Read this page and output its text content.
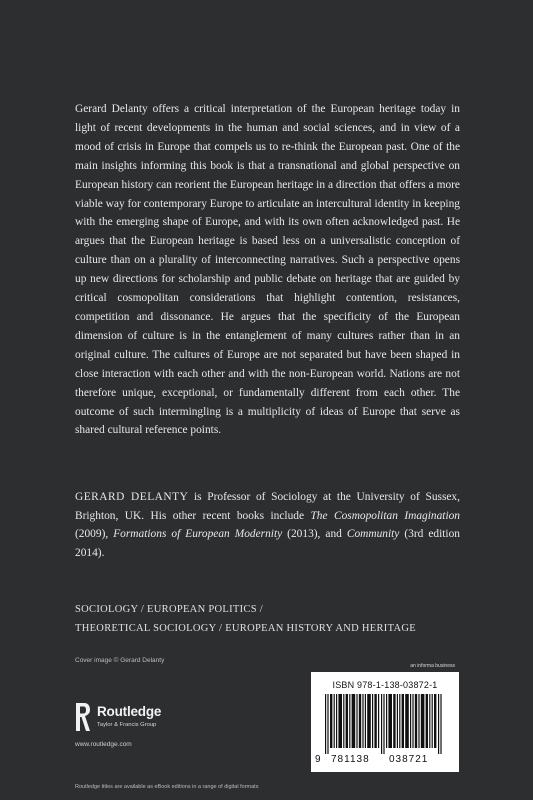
Gerard Delanty offers a critical interpretation of the European heritage today in light of recent developments in the human and social sciences, and in view of a mood of crisis in Europe that compels us to re-think the European past. One of the main insights informing this book is that a transnational and global perspective on European history can reorient the European heritage in a direction that offers a more viable way for contemporary Europe to articulate an intercultural identity in keeping with the emerging shape of Europe, and with its own often acknowledged past. He argues that the European heritage is based less on a universalistic conception of culture than on a plurality of interconnecting narratives. Such a perspective opens up new directions for scholarship and public debate on heritage that are guided by critical cosmopolitan considerations that highlight contention, resistances, competition and dissonance. He argues that the specificity of the European dimension of culture is in the entanglement of many cultures rather than in an original culture. The cultures of Europe are not separated but have been shaped in close interaction with each other and with the non-European world. Nations are not therefore unique, exceptional, or fundamentally different from each other. The outcome of such intermingling is a multiplicity of ideas of Europe that serve as shared cultural reference points.
GERARD DELANTY is Professor of Sociology at the University of Sussex, Brighton, UK. His other recent books include The Cosmopolitan Imagination (2009), Formations of European Modernity (2013), and Community (3rd edition 2014).
SOCIOLOGY / EUROPEAN POLITICS /
THEORETICAL SOCIOLOGY / EUROPEAN HISTORY AND HERITAGE
Cover image © Gerard Delanty
Routledge
Taylor & Francis Group
www.routledge.com
an informa business
ISBN 978-1-138-03872-1
9 781138 038721
Routledge titles are available as eBook editions in a range of digital formats
